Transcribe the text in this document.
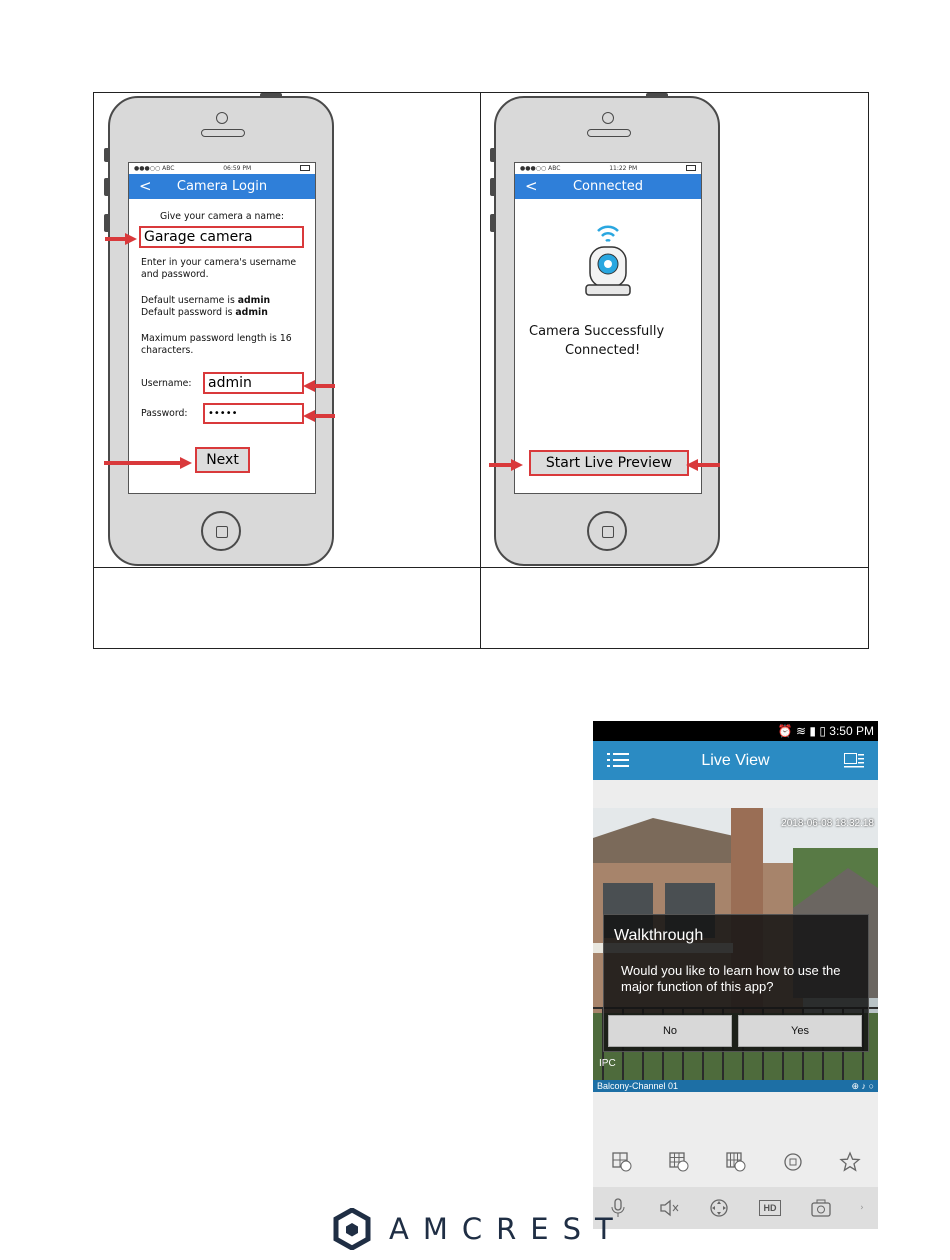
●●●○○ ABC	06:59 PM
< Camera Login
Give your camera a name:
Garage camera
Enter in your camera's username
and password.
Default username is admin
Default password is admin
Maximum password length is 16
characters.
Username:	admin
Password:	•••••
Next
●●●○○ ABC	11:22 PM
<	Connected
Camera Successfully
Connected!
Start Live Preview
⏰ ≋ ▮ ▯ 3:50 PM
Live View
2018-06-08 18:32:18
IPC
Walkthrough
Would you like to learn how to use the major function of this app?
No	Yes
Balcony-Channel 01	⊕ ♪ ○
HD	›
AMCREST
